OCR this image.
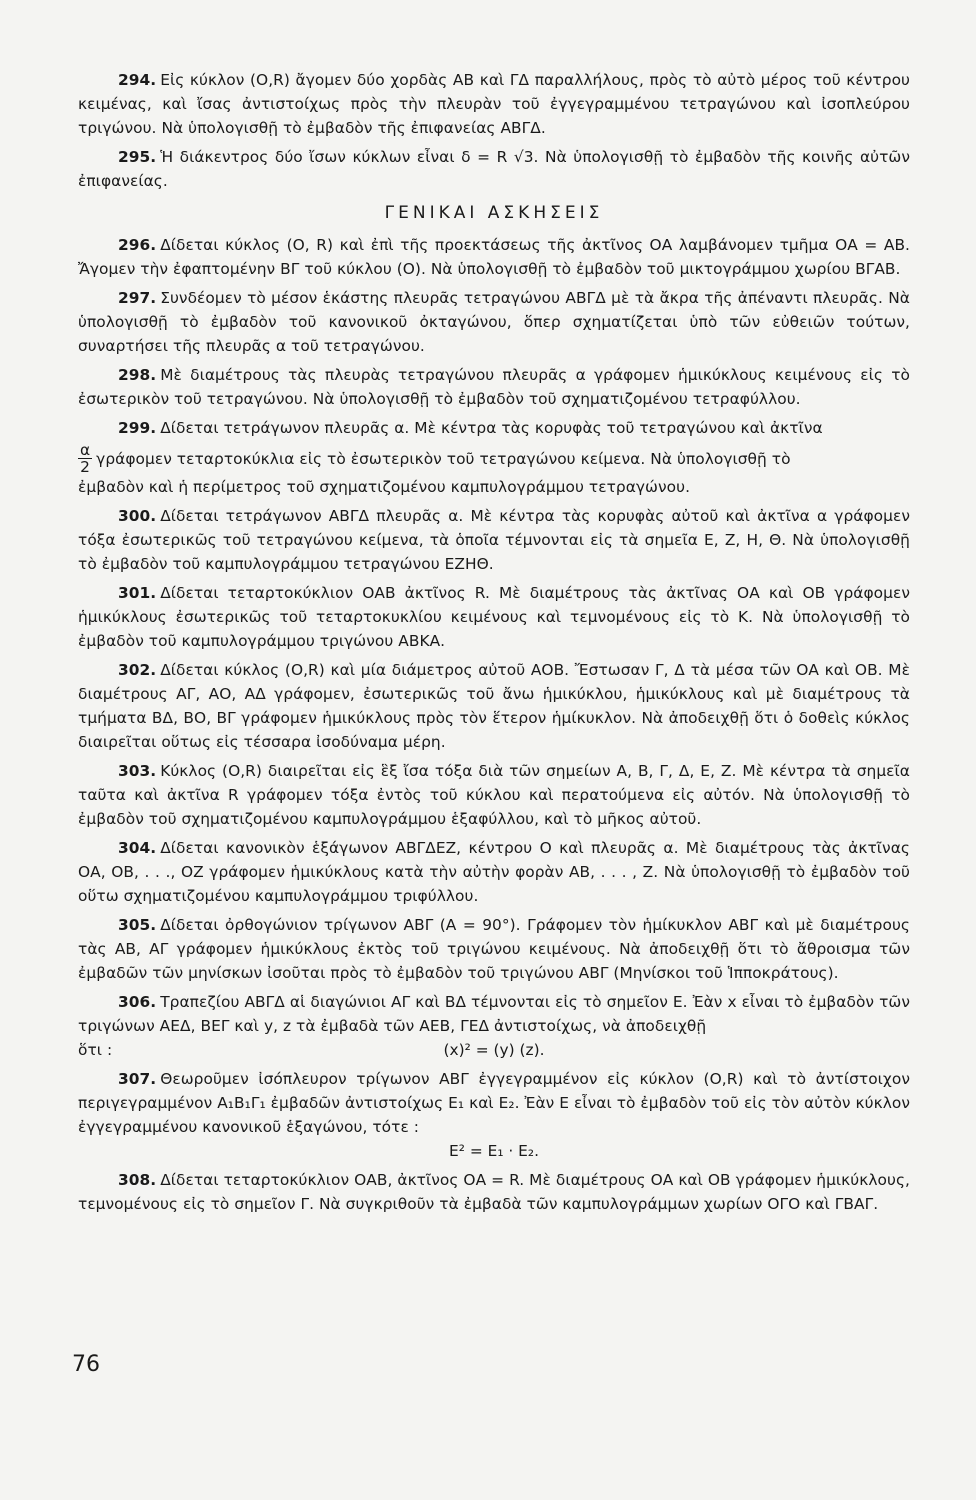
294. Εἰς κύκλον (Ο,R) ἄγομεν δύο χορδὰς ΑΒ καὶ ΓΔ παραλλήλους, πρὸς τὸ αὐτὸ μέρος τοῦ κέντρου κειμένας, καὶ ἴσας ἀντιστοίχως πρὸς τὴν πλευρὰν τοῦ ἐγγεγραμμένου τετραγώνου καὶ ἰσοπλεύρου τριγώνου. Νὰ ὑπολογισθῇ τὸ ἐμβαδὸν τῆς ἐπιφανείας ΑΒΓΔ.

295. Ἡ διάκεντρος δύο ἴσων κύκλων εἶναι δ = R √3. Νὰ ὑπολογισθῇ τὸ ἐμβαδὸν τῆς κοινῆς αὐτῶν ἐπιφανείας.

ΓΕΝΙΚΑΙ ΑΣΚΗΣΕΙΣ

296. Δίδεται κύκλος (Ο, R) καὶ ἐπὶ τῆς προεκτάσεως τῆς ἀκτῖνος ΟΑ λαμβάνομεν τμῆμα ΟΑ = ΑΒ. Ἄγομεν τὴν ἐφαπτομένην ΒΓ τοῦ κύκλου (Ο). Νὰ ὑπολογισθῇ τὸ ἐμβαδὸν τοῦ μικτογράμμου χωρίου ΒΓΑΒ.

297. Συνδέομεν τὸ μέσον ἑκάστης πλευρᾶς τετραγώνου ΑΒΓΔ μὲ τὰ ἄκρα τῆς ἀπέναντι πλευρᾶς. Νὰ ὑπολογισθῇ τὸ ἐμβαδὸν τοῦ κανονικοῦ ὀκταγώνου, ὅπερ σχηματίζεται ὑπὸ τῶν εὐθειῶν τούτων, συναρτήσει τῆς πλευρᾶς α τοῦ τετραγώνου.

298. Μὲ διαμέτρους τὰς πλευρὰς τετραγώνου πλευρᾶς α γράφομεν ἡμικύκλους κειμένους εἰς τὸ ἐσωτερικὸν τοῦ τετραγώνου. Νὰ ὑπολογισθῇ τὸ ἐμβαδὸν τοῦ σχηματιζομένου τετραφύλλου.

299. Δίδεται τετράγωνον πλευρᾶς α. Μὲ κέντρα τὰς κορυφὰς τοῦ τετραγώνου καὶ ἀκτῖνα

$\frac{\alpha}{2}$ γράφομεν τεταρτοκύκλια εἰς τὸ ἐσωτερικὸν τοῦ τετραγώνου κείμενα. Νὰ ὑπολογισθῇ τὸ

ἐμβαδὸν καὶ ἡ περίμετρος τοῦ σχηματιζομένου καμπυλογράμμου τετραγώνου.

300. Δίδεται τετράγωνον ΑΒΓΔ πλευρᾶς α. Μὲ κέντρα τὰς κορυφὰς αὐτοῦ καὶ ἀκτῖνα α γράφομεν τόξα ἐσωτερικῶς τοῦ τετραγώνου κείμενα, τὰ ὁποῖα τέμνονται εἰς τὰ σημεῖα Ε, Ζ, Η, Θ. Νὰ ὑπολογισθῇ τὸ ἐμβαδὸν τοῦ καμπυλογράμμου τετραγώνου ΕΖΗΘ.

301. Δίδεται τεταρτοκύκλιον ΟΑΒ ἀκτῖνος R. Μὲ διαμέτρους τὰς ἀκτῖνας ΟΑ καὶ ΟΒ γράφομεν ἡμικύκλους ἐσωτερικῶς τοῦ τεταρτοκυκλίου κειμένους καὶ τεμνομένους εἰς τὸ Κ. Νὰ ὑπολογισθῇ τὸ ἐμβαδὸν τοῦ καμπυλογράμμου τριγώνου ΑΒΚΑ.

302. Δίδεται κύκλος (Ο,R) καὶ μία διάμετρος αὐτοῦ ΑΟΒ. Ἔστωσαν Γ, Δ τὰ μέσα τῶν ΟΑ καὶ ΟΒ. Μὲ διαμέτρους ΑΓ, ΑΟ, ΑΔ γράφομεν, ἐσωτερικῶς τοῦ ἄνω ἡμικύκλου, ἡμικύκλους καὶ μὲ διαμέτρους τὰ τμήματα ΒΔ, ΒΟ, ΒΓ γράφομεν ἡμικύκλους πρὸς τὸν ἕτερον ἡμίκυκλον. Νὰ ἀποδειχθῇ ὅτι ὁ δοθεὶς κύκλος διαιρεῖται οὕτως εἰς τέσσαρα ἰσοδύναμα μέρη.

303. Κύκλος (Ο,R) διαιρεῖται εἰς ἓξ ἴσα τόξα διὰ τῶν σημείων Α, Β, Γ, Δ, Ε, Ζ. Μὲ κέντρα τὰ σημεῖα ταῦτα καὶ ἀκτῖνα R γράφομεν τόξα ἐντὸς τοῦ κύκλου καὶ περατούμενα εἰς αὐτόν. Νὰ ὑπολογισθῇ τὸ ἐμβαδὸν τοῦ σχηματιζομένου καμπυλογράμμου ἑξαφύλλου, καὶ τὸ μῆκος αὐτοῦ.

304. Δίδεται κανονικὸν ἑξάγωνον ΑΒΓΔΕΖ, κέντρου Ο καὶ πλευρᾶς α. Μὲ διαμέτρους τὰς ἀκτῖνας ΟΑ, ΟΒ, . . ., ΟΖ γράφομεν ἡμικύκλους κατὰ τὴν αὐτὴν φορὰν ΑΒ, . . . , Ζ. Νὰ ὑπολογισθῇ τὸ ἐμβαδὸν τοῦ οὕτω σχηματιζομένου καμπυλογράμμου τριφύλλου.

305. Δίδεται ὀρθογώνιον τρίγωνον ΑΒΓ (Α = 90°). Γράφομεν τὸν ἡμίκυκλον ΑΒΓ καὶ μὲ διαμέτρους τὰς ΑΒ, ΑΓ γράφομεν ἡμικύκλους ἐκτὸς τοῦ τριγώνου κειμένους. Νὰ ἀποδειχθῇ ὅτι τὸ ἄθροισμα τῶν ἐμβαδῶν τῶν μηνίσκων ἰσοῦται πρὸς τὸ ἐμβαδὸν τοῦ τριγώνου ΑΒΓ (Μηνίσκοι τοῦ Ἱπποκράτους).

306. Τραπεζίου ΑΒΓΔ αἱ διαγώνιοι ΑΓ καὶ ΒΔ τέμνονται εἰς τὸ σημεῖον Ε. Ἐὰν x εἶναι τὸ ἐμβαδὸν τῶν τριγώνων ΑΕΔ, ΒΕΓ καὶ y, z τὰ ἐμβαδὰ τῶν ΑΕΒ, ΓΕΔ ἀντιστοίχως, νὰ ἀποδειχθῇ

ὅτι :	(x)² = (y) (z).

307. Θεωροῦμεν ἰσόπλευρον τρίγωνον ΑΒΓ ἐγγεγραμμένον εἰς κύκλον (Ο,R) καὶ τὸ ἀντίστοιχον περιγεγραμμένον Α₁Β₁Γ₁ ἐμβαδῶν ἀντιστοίχως Ε₁ καὶ Ε₂. Ἐὰν Ε εἶναι τὸ ἐμβαδὸν τοῦ εἰς τὸν αὐτὸν κύκλον ἐγγεγραμμένου κανονικοῦ ἑξαγώνου, τότε :

Ε² = Ε₁ · Ε₂.

308. Δίδεται τεταρτοκύκλιον ΟΑΒ, ἀκτῖνος ΟΑ = R. Μὲ διαμέτρους ΟΑ καὶ ΟΒ γράφομεν ἡμικύκλους, τεμνομένους εἰς τὸ σημεῖον Γ. Νὰ συγκριθοῦν τὰ ἐμβαδὰ τῶν καμπυλογράμμων χωρίων ΟΓΟ καὶ ΓΒΑΓ.

76
